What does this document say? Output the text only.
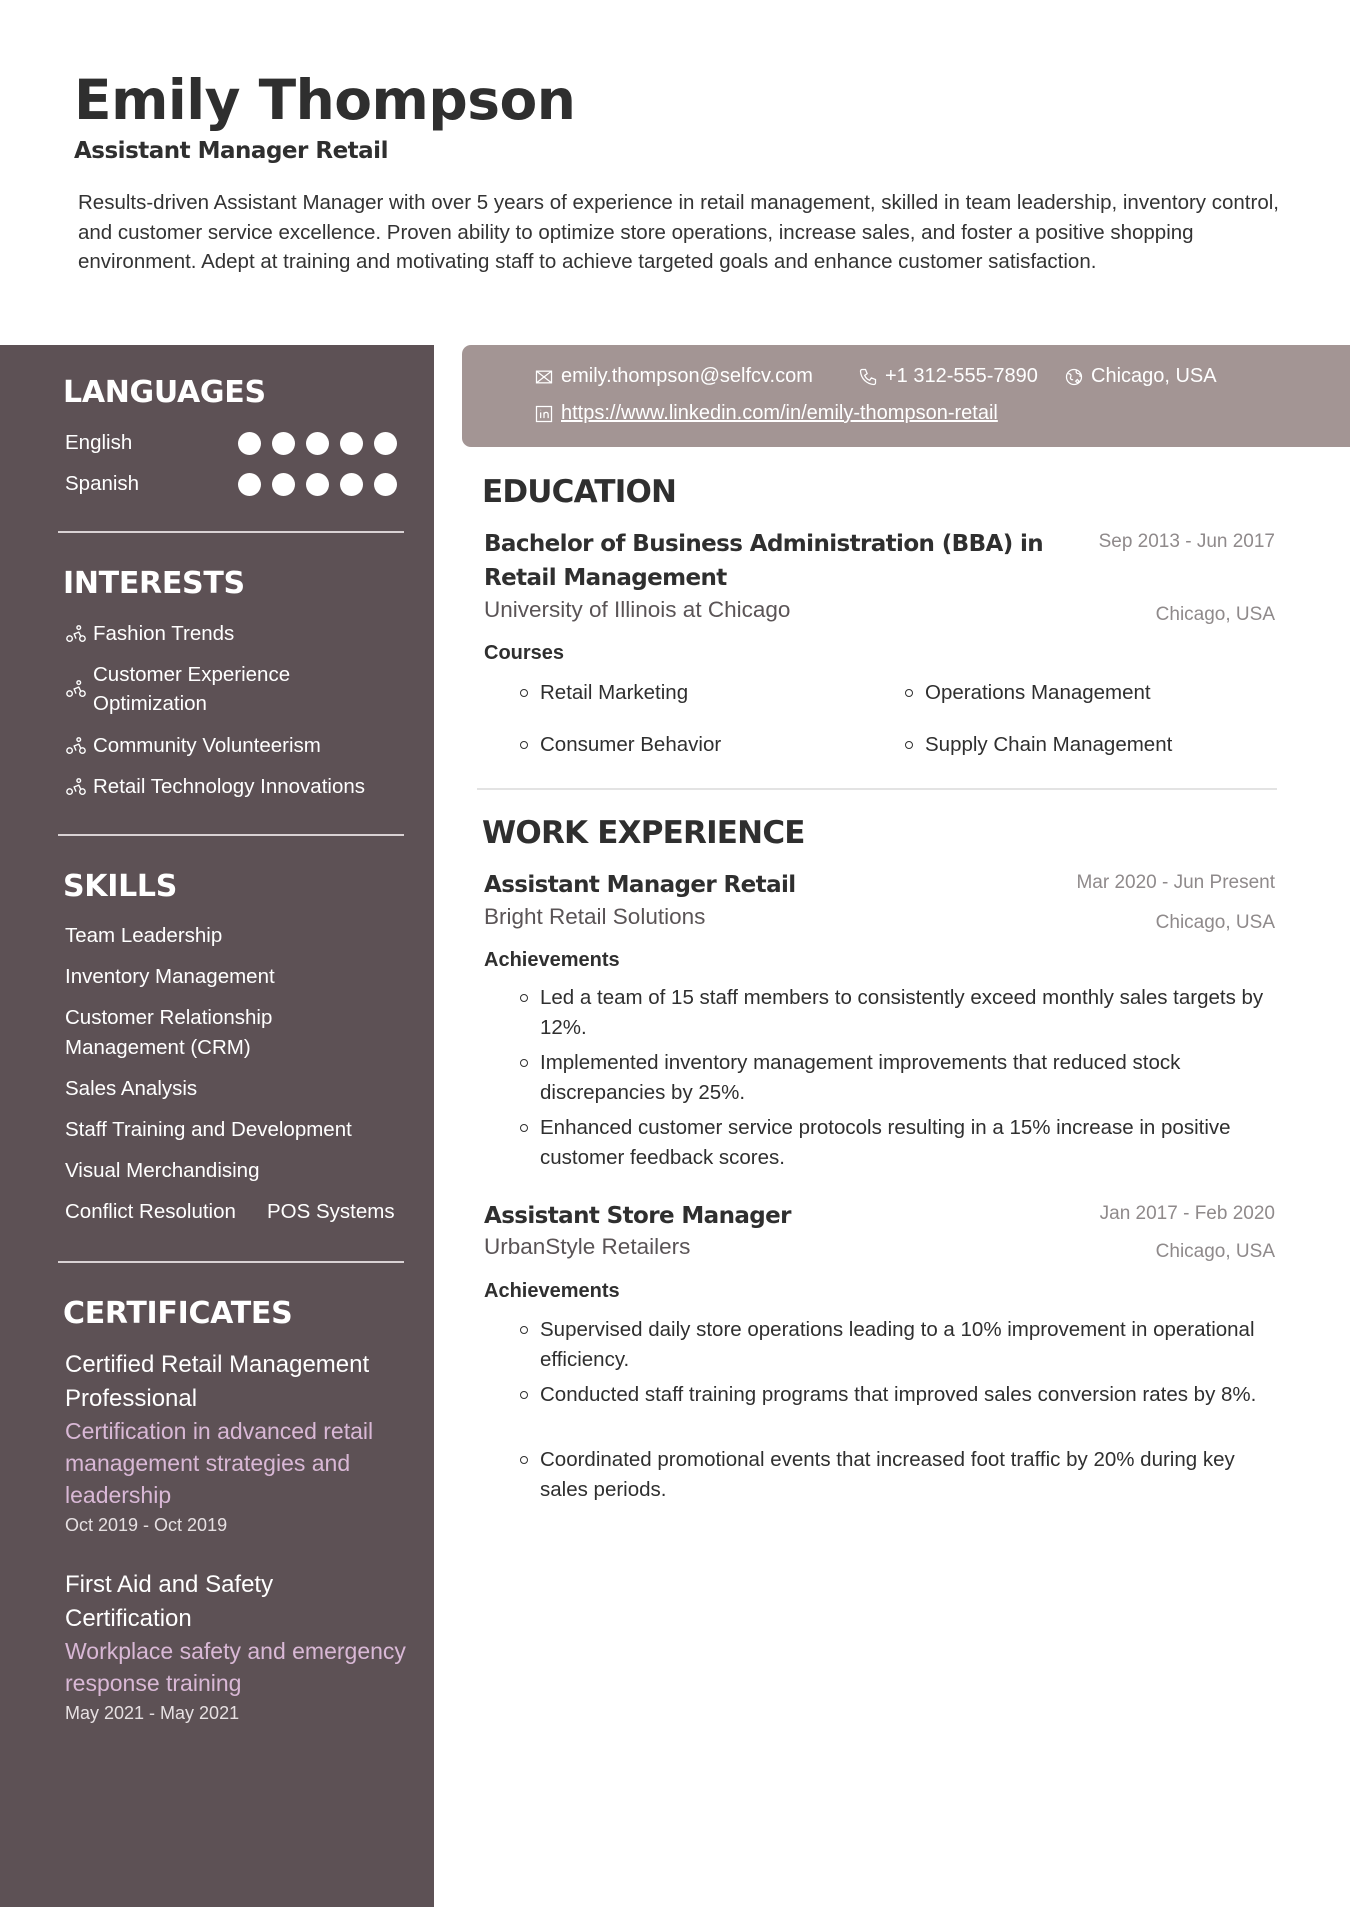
Emily Thompson
Assistant Manager Retail
Results-driven Assistant Manager with over 5 years of experience in retail management, skilled in team leadership, inventory control, and customer service excellence. Proven ability to optimize store operations, increase sales, and foster a positive shopping environment. Adept at training and motivating staff to achieve targeted goals and enhance customer satisfaction.
LANGUAGES
English
Spanish
INTERESTS
Fashion Trends
Customer Experience
Optimization
Community Volunteerism
Retail Technology Innovations
SKILLS
Team Leadership
Inventory Management
Customer Relationship
Management (CRM)
Sales Analysis
Staff Training and Development
Visual Merchandising
Conflict Resolution POS Systems
CERTIFICATES
Certified Retail Management Professional
Certification in advanced retail management strategies and leadership
Oct 2019 - Oct 2019
First Aid and Safety Certification
Workplace safety and emergency response training
May 2021 - May 2021
emily.thompson@selfcv.com	+1 312-555-7890	Chicago, USA
https://www.linkedin.com/in/emily-thompson-retail
EDUCATION
Bachelor of Business Administration (BBA) in Retail Management
Sep 2013 - Jun 2017
University of Illinois at Chicago	Chicago, USA
Courses
Retail Marketing	Operations Management
Consumer Behavior	Supply Chain Management
WORK EXPERIENCE
Assistant Manager Retail	Mar 2020 - Jun Present
Bright Retail Solutions	Chicago, USA
Achievements
Led a team of 15 staff members to consistently exceed monthly sales targets by 12%.
Implemented inventory management improvements that reduced stock discrepancies by 25%.
Enhanced customer service protocols resulting in a 15% increase in positive customer feedback scores.
Assistant Store Manager	Jan 2017 - Feb 2020
UrbanStyle Retailers	Chicago, USA
Achievements
Supervised daily store operations leading to a 10% improvement in operational efficiency.
Conducted staff training programs that improved sales conversion rates by 8%.
Coordinated promotional events that increased foot traffic by 20% during key sales periods.
